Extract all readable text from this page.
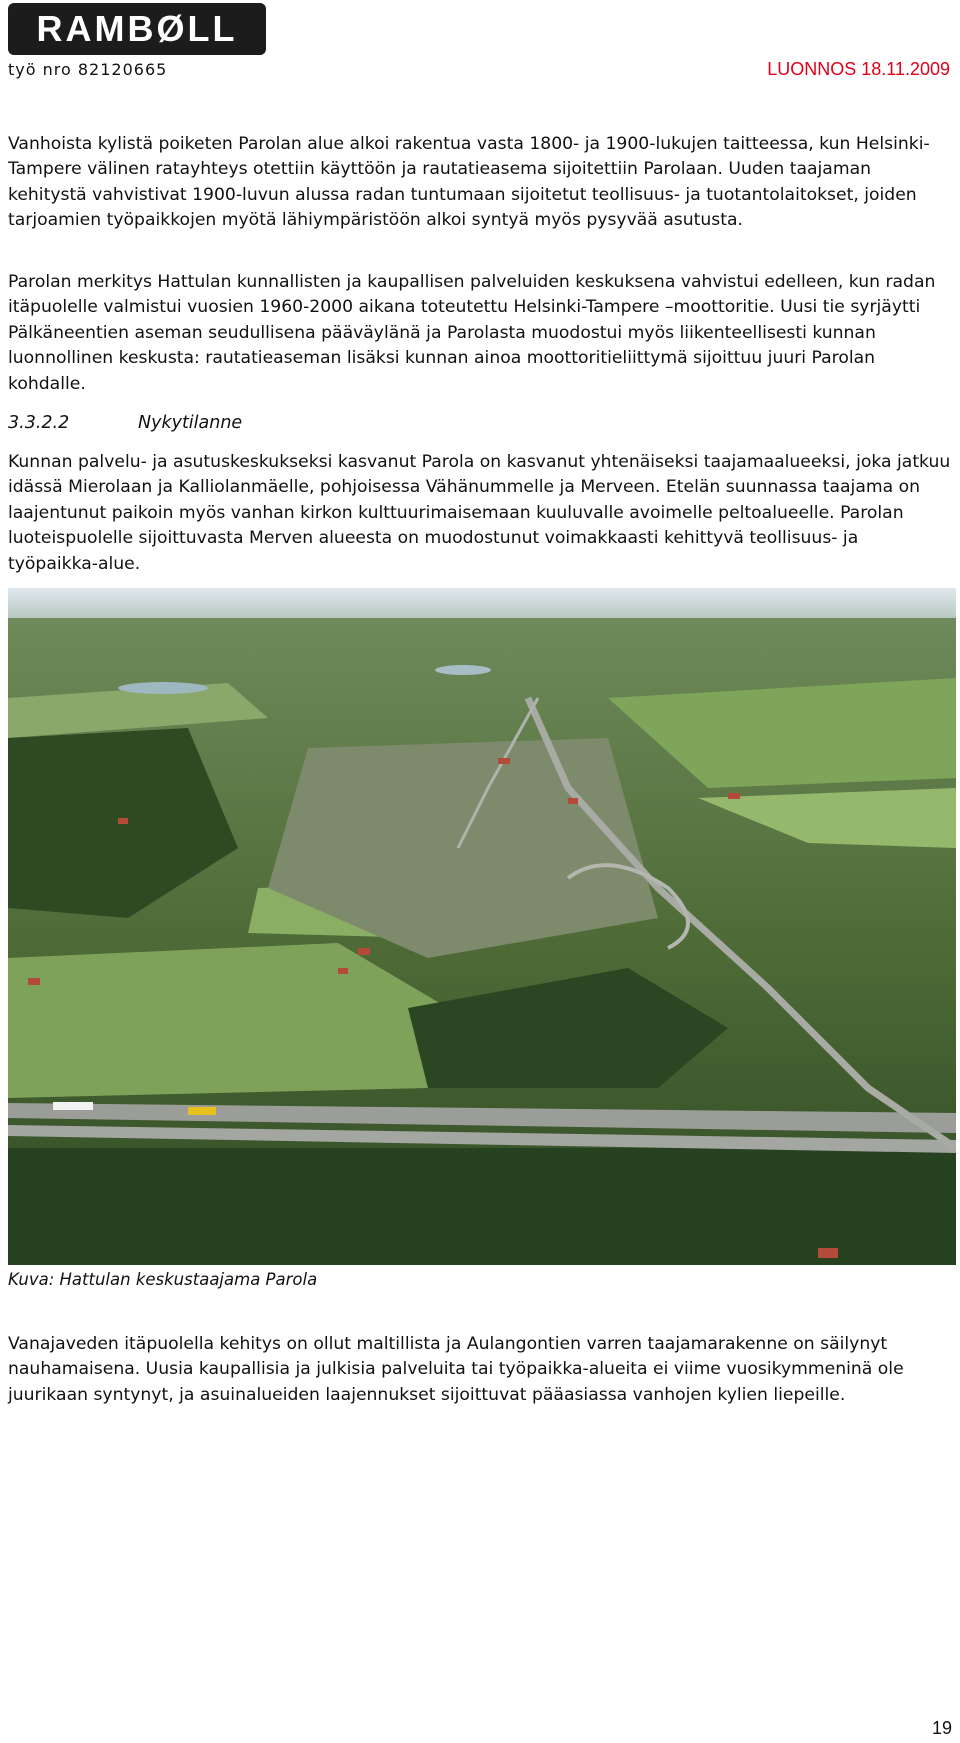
RAMBØLL
työ nro 82120665	LUONNOS 18.11.2009

Vanhoista kylistä poiketen Parolan alue alkoi rakentua vasta 1800- ja 1900-lukujen taitteessa, kun Helsinki-Tampere välinen ratayhteys otettiin käyttöön ja rautatieasema sijoitettiin Parolaan. Uuden taajaman kehitystä vahvistivat 1900-luvun alussa radan tuntumaan sijoitetut teollisuus- ja tuotantolaitokset, joiden tarjoamien työpaikkojen myötä lähiympäristöön alkoi syntyä myös pysyvää asutusta.

Parolan merkitys Hattulan kunnallisten ja kaupallisen palveluiden keskuksena vahvistui edelleen, kun radan itäpuolelle valmistui vuosien 1960-2000 aikana toteutettu Helsinki-Tampere –moottoritie. Uusi tie syrjäytti Pälkäneentien aseman seudullisena pääväylänä ja Parolasta muodostui myös liikenteellisesti kunnan luonnollinen keskusta: rautatieaseman lisäksi kunnan ainoa moottoritieliittymä sijoittuu juuri Parolan kohdalle.

3.3.2.2	Nykytilanne

Kunnan palvelu- ja asutuskeskukseksi kasvanut Parola on kasvanut yhtenäiseksi taajamaalueeksi, joka jatkuu idässä Mierolaan ja Kalliolanmäelle, pohjoisessa Vähänummelle ja Merveen. Etelän suunnassa taajama on laajentunut paikoin myös vanhan kirkon kulttuurimaisemaan kuuluvalle avoimelle peltoalueelle. Parolan luoteispuolelle sijoittuvasta Merven alueesta on muodostunut voimakkaasti kehittyvä teollisuus- ja työpaikka-alue.

Kuva: Hattulan keskustaajama Parola

Vanajaveden itäpuolella kehitys on ollut maltillista ja Aulangontien varren taajamarakenne on säilynyt nauhamaisena. Uusia kaupallisia ja julkisia palveluita tai työpaikka-alueita ei viime vuosikymmeninä ole juurikaan syntynyt, ja asuinalueiden laajennukset sijoittuvat pääasiassa vanhojen kylien liepeille.

19
